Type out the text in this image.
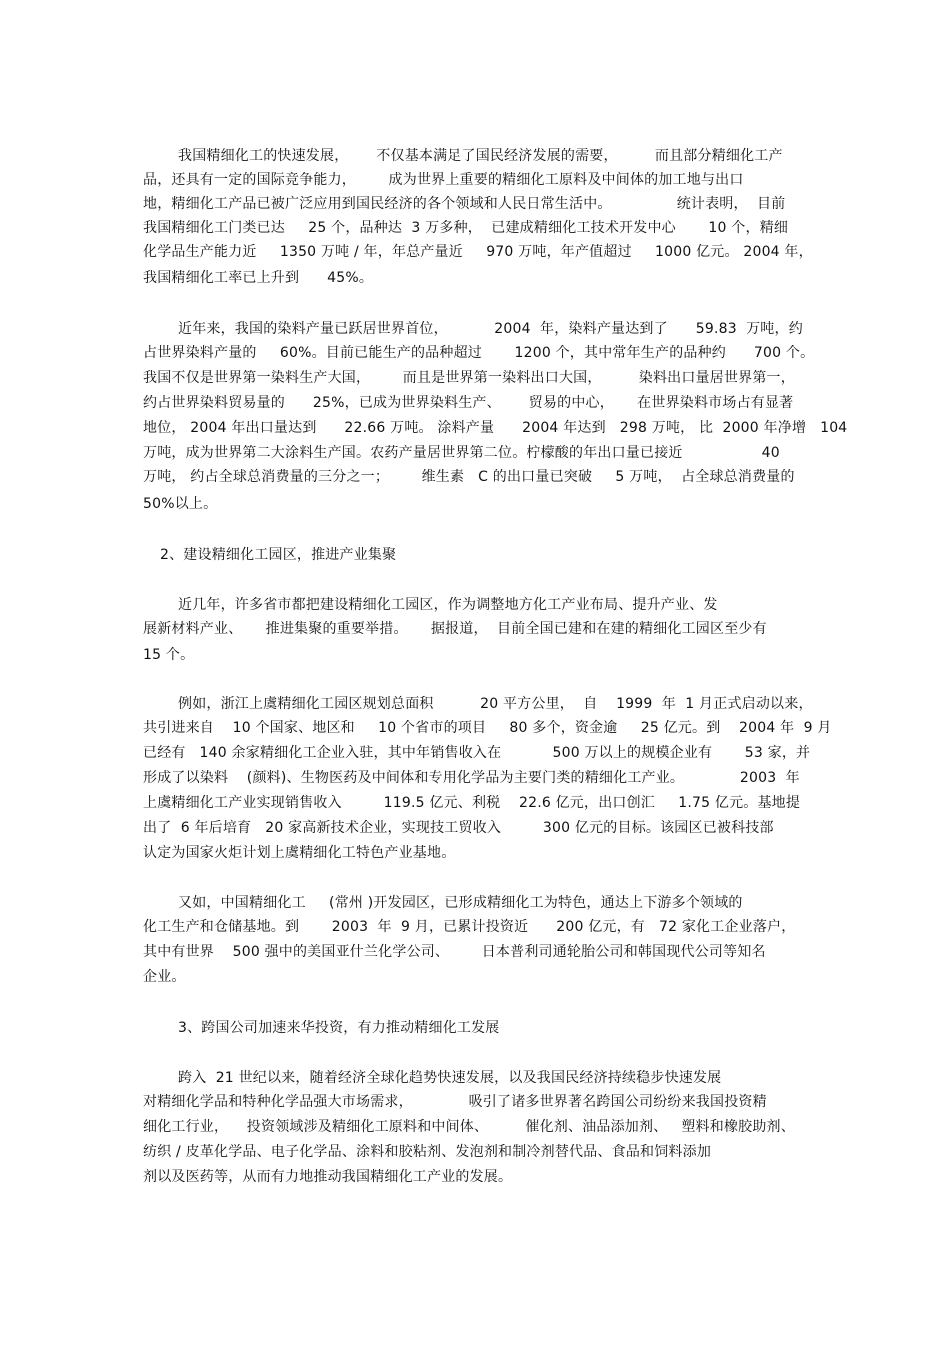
我国精细化工的快速发展，      不仅基本满足了国民经济发展的需要，        而且部分精细化工产
品，还具有一定的国际竞争能力，       成为世界上重要的精细化工原料及中间体的加工地与出口
地，精细化工产品已被广泛应用到国民经济的各个领域和人民日常生活中。              统计表明，  目前
我国精细化工门类已达     25 个，品种达  3 万多种，  已建成精细化工技术开发中心       10 个，精细
化学品生产能力近     1350 万吨 / 年，年总产量近     970 万吨，年产值超过     1000 亿元。 2004 年，
我国精细化工率已上升到      45%。
近年来，我国的染料产量已跃居世界首位，          2004  年，染料产量达到了      59.83  万吨，约
占世界染料产量的     60%。目前已能生产的品种超过       1200 个，其中常年生产的品种约      700 个。
我国不仅是世界第一染料生产大国，       而且是世界第一染料出口大国，        染料出口量居世界第一，
约占世界染料贸易量的      25%，已成为世界染料生产、      贸易的中心，     在世界染料市场占有显著
地位， 2004 年出口量达到      22.66 万吨。 涂料产量      2004 年达到   298 万吨， 比  2000 年净增   104
万吨，成为世界第二大涂料生产国。农药产量居世界第二位。柠檬酸的年出口量已接近                 40
万吨， 约占全球总消费量的三分之一；       维生素   C 的出口量已突破     5 万吨，  占全球总消费量的
50%以上。
2、建设精细化工园区，推进产业集聚
近几年，许多省市都把建设精细化工园区，作为调整地方化工产业布局、提升产业、发
展新材料产业、     推进集聚的重要举措。     据报道，  目前全国已建和在建的精细化工园区至少有
15 个。
例如，浙江上虞精细化工园区规划总面积          20 平方公里，  自    1999  年  1 月正式启动以来，
共引进来自    10 个国家、地区和     10 个省市的项目     80 多个，资金逾     25 亿元。到    2004 年  9 月
已经有   140 余家精细化工企业入驻，其中年销售收入在           500 万以上的规模企业有       53 家，并
形成了以染料    (颜料)、生物医药及中间体和专用化学品为主要门类的精细化工产业。            2003  年
上虞精细化工产业实现销售收入         119.5 亿元、利税    22.6 亿元，出口创汇     1.75 亿元。基地提
出了  6 年后培育   20 家高新技术企业，实现技工贸收入         300 亿元的目标。该园区已被科技部
认定为国家火炬计划上虞精细化工特色产业基地。
又如，中国精细化工     (常州 )开发园区，已形成精细化工为特色，通达上下游多个领域的
化工生产和仓储基地。到       2003  年  9 月，已累计投资近      200 亿元，有   72 家化工企业落户，
其中有世界    500 强中的美国亚什兰化学公司、       日本普利司通轮胎公司和韩国现代公司等知名
企业。
3、跨国公司加速来华投资，有力推动精细化工发展
跨入  21 世纪以来，随着经济全球化趋势快速发展，以及我国民经济持续稳步快速发展
对精细化学品和特种化学品强大市场需求，            吸引了诸多世界著名跨国公司纷纷来我国投资精
细化工行业，    投资领域涉及精细化工原料和中间体、        催化剂、油品添加剂、   塑料和橡胶助剂、
纺织 / 皮革化学品、电子化学品、涂料和胶粘剂、发泡剂和制冷剂替代品、食品和饲料添加
剂以及医药等，从而有力地推动我国精细化工产业的发展。
